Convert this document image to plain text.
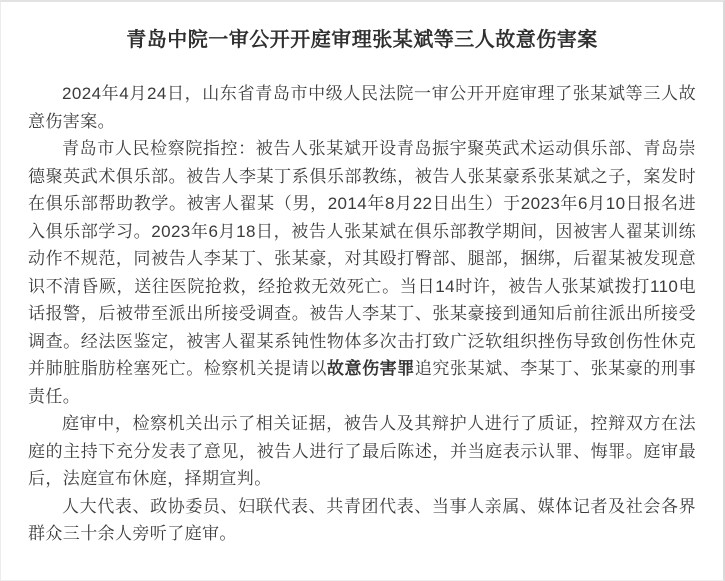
青岛中院一审公开开庭审理张某斌等三人故意伤害案

2024年4月24日，山东省青岛市中级人民法院一审公开开庭审理了张某斌等三人故意伤害案。

青岛市人民检察院指控：被告人张某斌开设青岛振宇聚英武术运动俱乐部、青岛崇德聚英武术俱乐部。被告人李某丁系俱乐部教练，被告人张某豪系张某斌之子，案发时在俱乐部帮助教学。被害人翟某（男，2014年8月22日出生）于2023年6月10日报名进入俱乐部学习。2023年6月18日，被告人张某斌在俱乐部教学期间，因被害人翟某训练动作不规范，同被告人李某丁、张某豪，对其殴打臀部、腿部，捆绑，后翟某被发现意识不清昏厥，送往医院抢救，经抢救无效死亡。当日14时许，被告人张某斌拨打110电话报警，后被带至派出所接受调查。被告人李某丁、张某豪接到通知后前往派出所接受调查。经法医鉴定，被害人翟某系钝性物体多次击打致广泛软组织挫伤导致创伤性休克并肺脏脂肪栓塞死亡。检察机关提请以故意伤害罪追究张某斌、李某丁、张某豪的刑事责任。

庭审中，检察机关出示了相关证据，被告人及其辩护人进行了质证，控辩双方在法庭的主持下充分发表了意见，被告人进行了最后陈述，并当庭表示认罪、悔罪。庭审最后，法庭宣布休庭，择期宣判。

人大代表、政协委员、妇联代表、共青团代表、当事人亲属、媒体记者及社会各界群众三十余人旁听了庭审。
